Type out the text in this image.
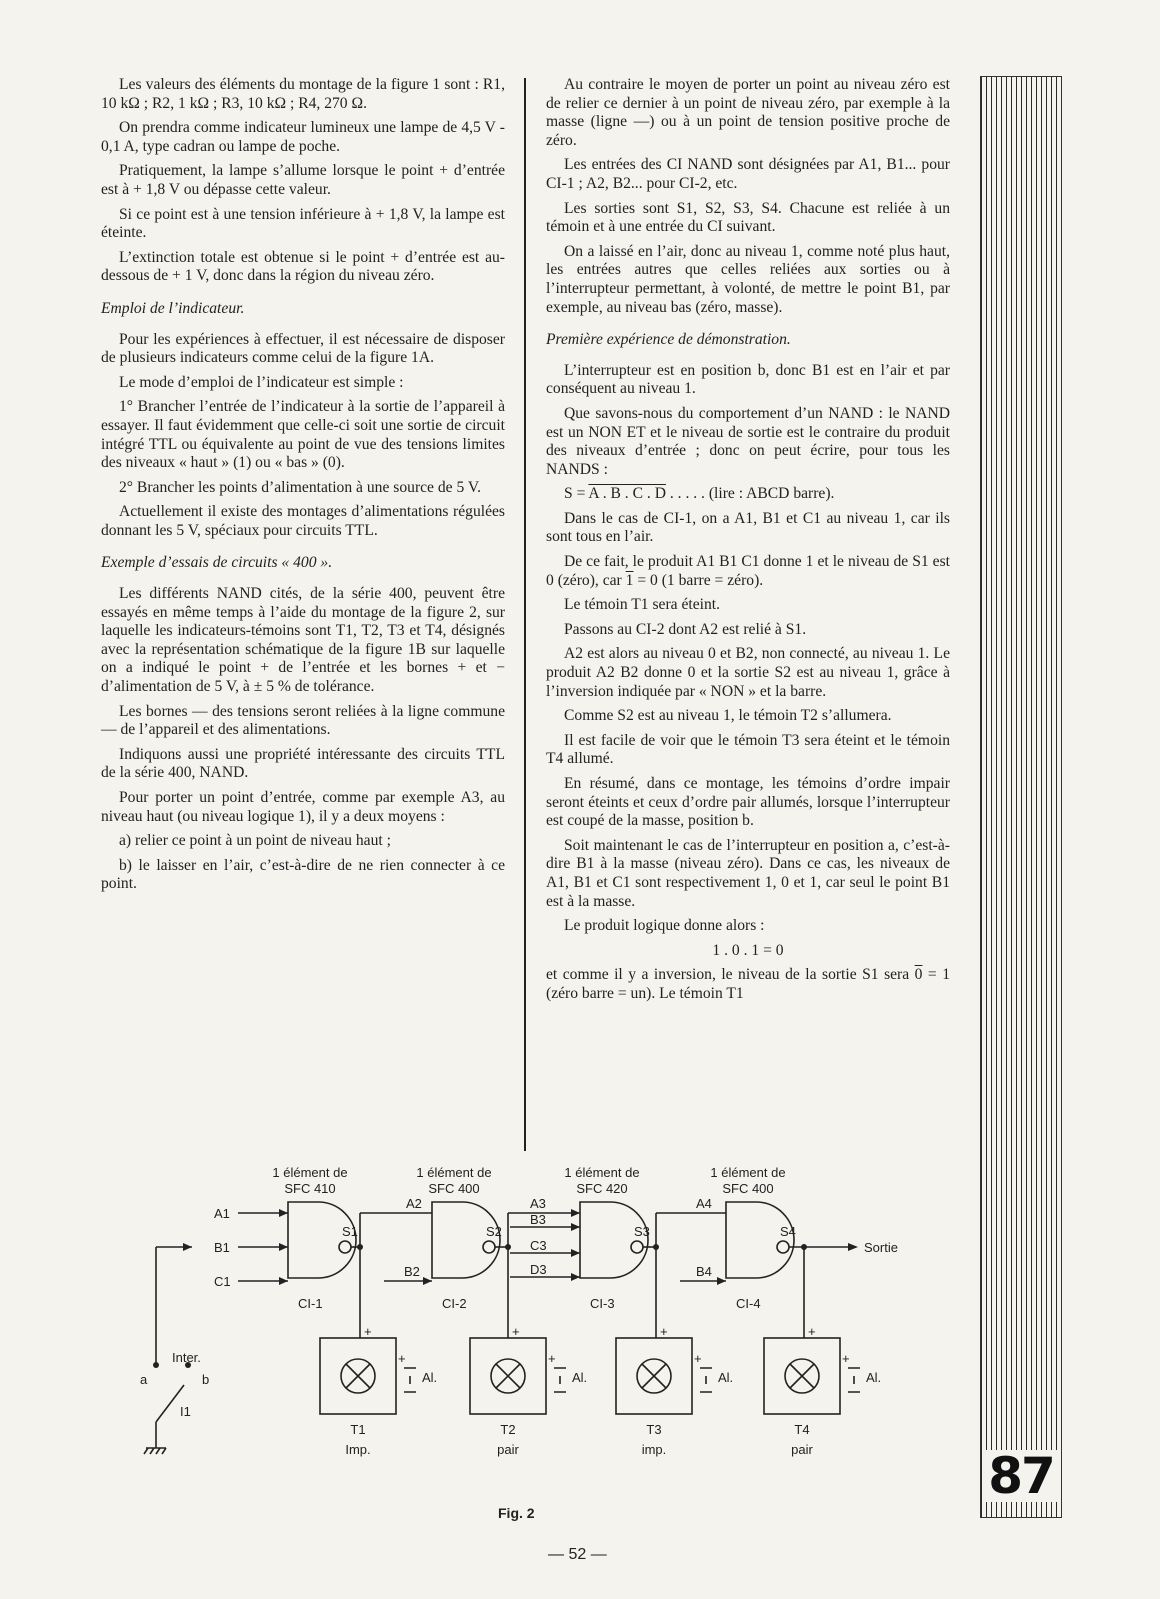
Les valeurs des éléments du montage de la figure 1 sont : R1, 10 kΩ ; R2, 1 kΩ ; R3, 10 kΩ ; R4, 270 Ω.

On prendra comme indicateur lumineux une lampe de 4,5 V - 0,1 A, type cadran ou lampe de poche.

Pratiquement, la lampe s’allume lorsque le point + d’entrée est à + 1,8 V ou dépasse cette valeur.

Si ce point est à une tension inférieure à + 1,8 V, la lampe est éteinte.

L’extinction totale est obtenue si le point + d’entrée est au-dessous de + 1 V, donc dans la région du niveau zéro.

Emploi de l’indicateur.

Pour les expériences à effectuer, il est nécessaire de disposer de plusieurs indicateurs comme celui de la figure 1A.

Le mode d’emploi de l’indicateur est simple :

1° Brancher l’entrée de l’indicateur à la sortie de l’appareil à essayer. Il faut évidemment que celle-ci soit une sortie de circuit intégré TTL ou équivalente au point de vue des tensions limites des niveaux « haut » (1) ou « bas » (0).

2° Brancher les points d’alimentation à une source de 5 V.

Actuellement il existe des montages d’alimentations régulées donnant les 5 V, spéciaux pour circuits TTL.

Exemple d’essais de circuits « 400 ».

Les différents NAND cités, de la série 400, peuvent être essayés en même temps à l’aide du montage de la figure 2, sur laquelle les indicateurs-témoins sont T1, T2, T3 et T4, désignés avec la représentation schématique de la figure 1B sur laquelle on a indiqué le point + de l’entrée et les bornes + et − d’alimentation de 5 V, à ± 5 % de tolérance.

Les bornes — des tensions seront reliées à la ligne commune — de l’appareil et des alimentations.

Indiquons aussi une propriété intéressante des circuits TTL de la série 400, NAND.

Pour porter un point d’entrée, comme par exemple A3, au niveau haut (ou niveau logique 1), il y a deux moyens :

a) relier ce point à un point de niveau haut ;

b) le laisser en l’air, c’est-à-dire de ne rien connecter à ce point.

Au contraire le moyen de porter un point au niveau zéro est de relier ce dernier à un point de niveau zéro, par exemple à la masse (ligne —) ou à un point de tension positive proche de zéro.

Les entrées des CI NAND sont désignées par A1, B1... pour CI-1 ; A2, B2... pour CI-2, etc.

Les sorties sont S1, S2, S3, S4. Chacune est reliée à un témoin et à une entrée du CI suivant.

On a laissé en l’air, donc au niveau 1, comme noté plus haut, les entrées autres que celles reliées aux sorties ou à l’interrupteur permettant, à volonté, de mettre le point B1, par exemple, au niveau bas (zéro, masse).

Première expérience de démonstration.

L’interrupteur est en position b, donc B1 est en l’air et par conséquent au niveau 1.

Que savons-nous du comportement d’un NAND : le NAND est un NON ET et le niveau de sortie est le contraire du produit des niveaux d’entrée ; donc on peut écrire, pour tous les NANDS :

S = A . B . C . D . . . . . (lire : ABCD barre).

Dans le cas de CI-1, on a A1, B1 et C1 au niveau 1, car ils sont tous en l’air.

De ce fait, le produit A1 B1 C1 donne 1 et le niveau de S1 est 0 (zéro), car 1 = 0 (1 barre = zéro).

Le témoin T1 sera éteint.

Passons au CI-2 dont A2 est relié à S1.

A2 est alors au niveau 0 et B2, non connecté, au niveau 1. Le produit A2 B2 donne 0 et la sortie S2 est au niveau 1, grâce à l’inversion indiquée par « NON » et la barre.

Comme S2 est au niveau 1, le témoin T2 s’allumera.

Il est facile de voir que le témoin T3 sera éteint et le témoin T4 allumé.

En résumé, dans ce montage, les témoins d’ordre impair seront éteints et ceux d’ordre pair allumés, lorsque l’interrupteur est coupé de la masse, position b.

Soit maintenant le cas de l’interrupteur en position a, c’est-à-dire B1 à la masse (niveau zéro). Dans ce cas, les niveaux de A1, B1 et C1 sont respectivement 1, 0 et 1, car seul le point B1 est à la masse.

Le produit logique donne alors :

1 . 0 . 1 = 0

et comme il y a inversion, le niveau de la sortie S1 sera 0 = 1 (zéro barre = un). Le témoin T1

87
1 élément de
SFC 410
1 élément de
SFC 400
1 élément de
SFC 420
1 élément de
SFC 400
A1
B1
C1
A2
B2
A3
B3
C3
D3
A4
B4
S1	S2	S3	S4
Sortie
CI-1	CI-2	CI-3	CI-4
+	+	+	+
+	+	+	+
Al.	Al.	Al.	Al.
T1
Imp.
T2
pair
T3
imp.
T4
pair
Inter.
a	b
I1
Fig. 2
— 52 —
